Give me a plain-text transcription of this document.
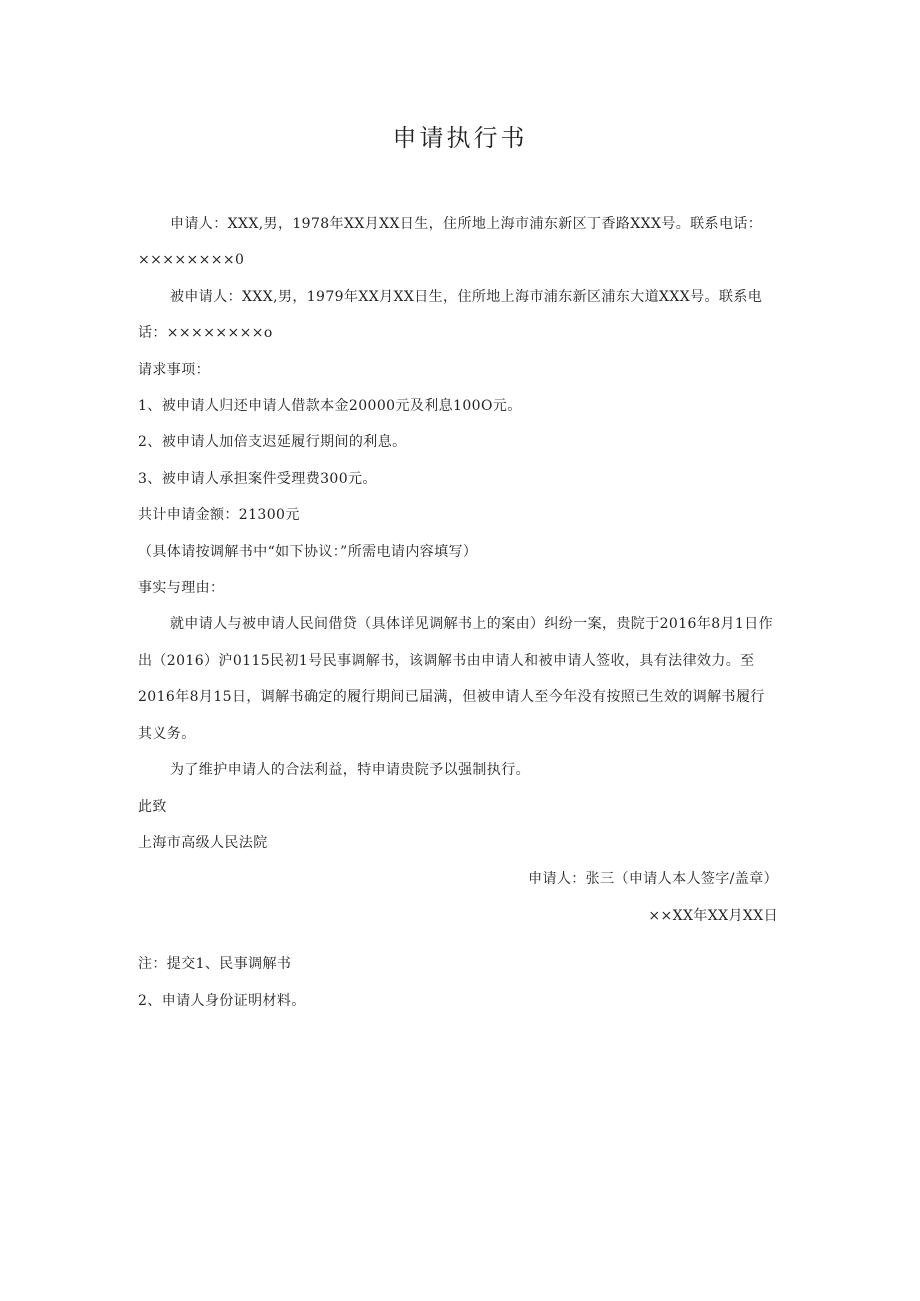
申请执行书

申请人：XXX,男，1978年XX月XX日生，住所地上海市浦东新区丁香路XXX号。联系电话：××××××××0

被申请人：XXX,男，1979年XX月XX日生，住所地上海市浦东新区浦东大道XXX号。联系电话：××××××××o

请求事项：

1、被申请人归还申请人借款本金20000元及利息100O元。

2、被申请人加倍支迟延履行期间的利息。

3、被申请人承担案件受理费300元。

共计申请金额：21300元

（具体请按调解书中“如下协议：”所需电请内容填写）

事实与理由：

就申请人与被申请人民间借贷（具体详见调解书上的案由）纠纷一案，贵院于2016年8月1日作出（2016）沪0115民初1号民事调解书，该调解书由申请人和被申请人签收，具有法律效力。至2016年8月15日，调解书确定的履行期间已届满，但被申请人至今年没有按照已生效的调解书履行其义务。

为了维护申请人的合法利益，特申请贵院予以强制执行。

此致

上海市高级人民法院

申请人：张三（申请人本人签字/盖章）

××XX年XX月XX日

注：提交1、民事调解书

2、申请人身份证明材料。
